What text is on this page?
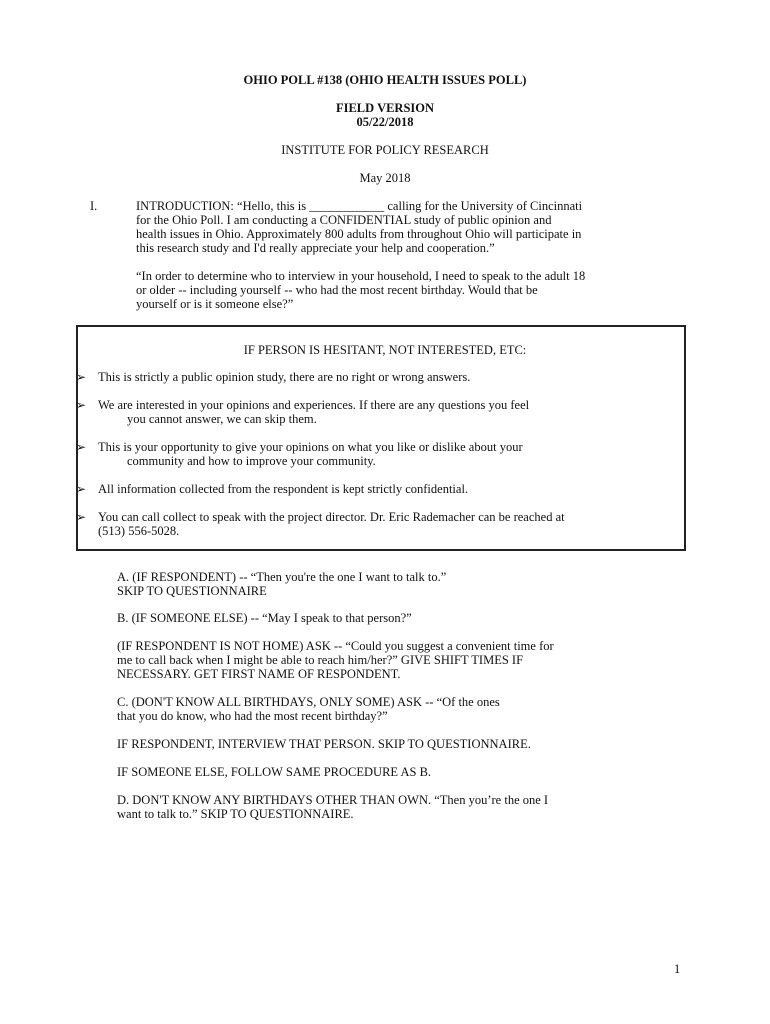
OHIO POLL #138 (OHIO HEALTH ISSUES POLL)
FIELD VERSION
05/22/2018
INSTITUTE FOR POLICY RESEARCH
May 2018
I.	INTRODUCTION: “Hello, this is ____________ calling for the University of Cincinnati
for the Ohio Poll. I am conducting a CONFIDENTIAL study of public opinion and
health issues in Ohio. Approximately 800 adults from throughout Ohio will participate in
this research study and I'd really appreciate your help and cooperation.”
“In order to determine who to interview in your household, I need to speak to the adult 18
or older -- including yourself -- who had the most recent birthday. Would that be
yourself or is it someone else?”
IF PERSON IS HESITANT, NOT INTERESTED, ETC:
➢ This is strictly a public opinion study, there are no right or wrong answers.
➢ We are interested in your opinions and experiences. If there are any questions you feel
you cannot answer, we can skip them.
➢ This is your opportunity to give your opinions on what you like or dislike about your
community and how to improve your community.
➢ All information collected from the respondent is kept strictly confidential.
➢ You can call collect to speak with the project director. Dr. Eric Rademacher can be reached at
(513) 556-5028.
A. (IF RESPONDENT) -- “Then you're the one I want to talk to.”
SKIP TO QUESTIONNAIRE
B. (IF SOMEONE ELSE) -- “May I speak to that person?”
(IF RESPONDENT IS NOT HOME) ASK -- “Could you suggest a convenient time for
me to call back when I might be able to reach him/her?” GIVE SHIFT TIMES IF
NECESSARY. GET FIRST NAME OF RESPONDENT.
C. (DON'T KNOW ALL BIRTHDAYS, ONLY SOME) ASK -- “Of the ones
that you do know, who had the most recent birthday?”
IF RESPONDENT, INTERVIEW THAT PERSON. SKIP TO QUESTIONNAIRE.
IF SOMEONE ELSE, FOLLOW SAME PROCEDURE AS B.
D. DON'T KNOW ANY BIRTHDAYS OTHER THAN OWN. “Then you’re the one I
want to talk to.” SKIP TO QUESTIONNAIRE.
1
